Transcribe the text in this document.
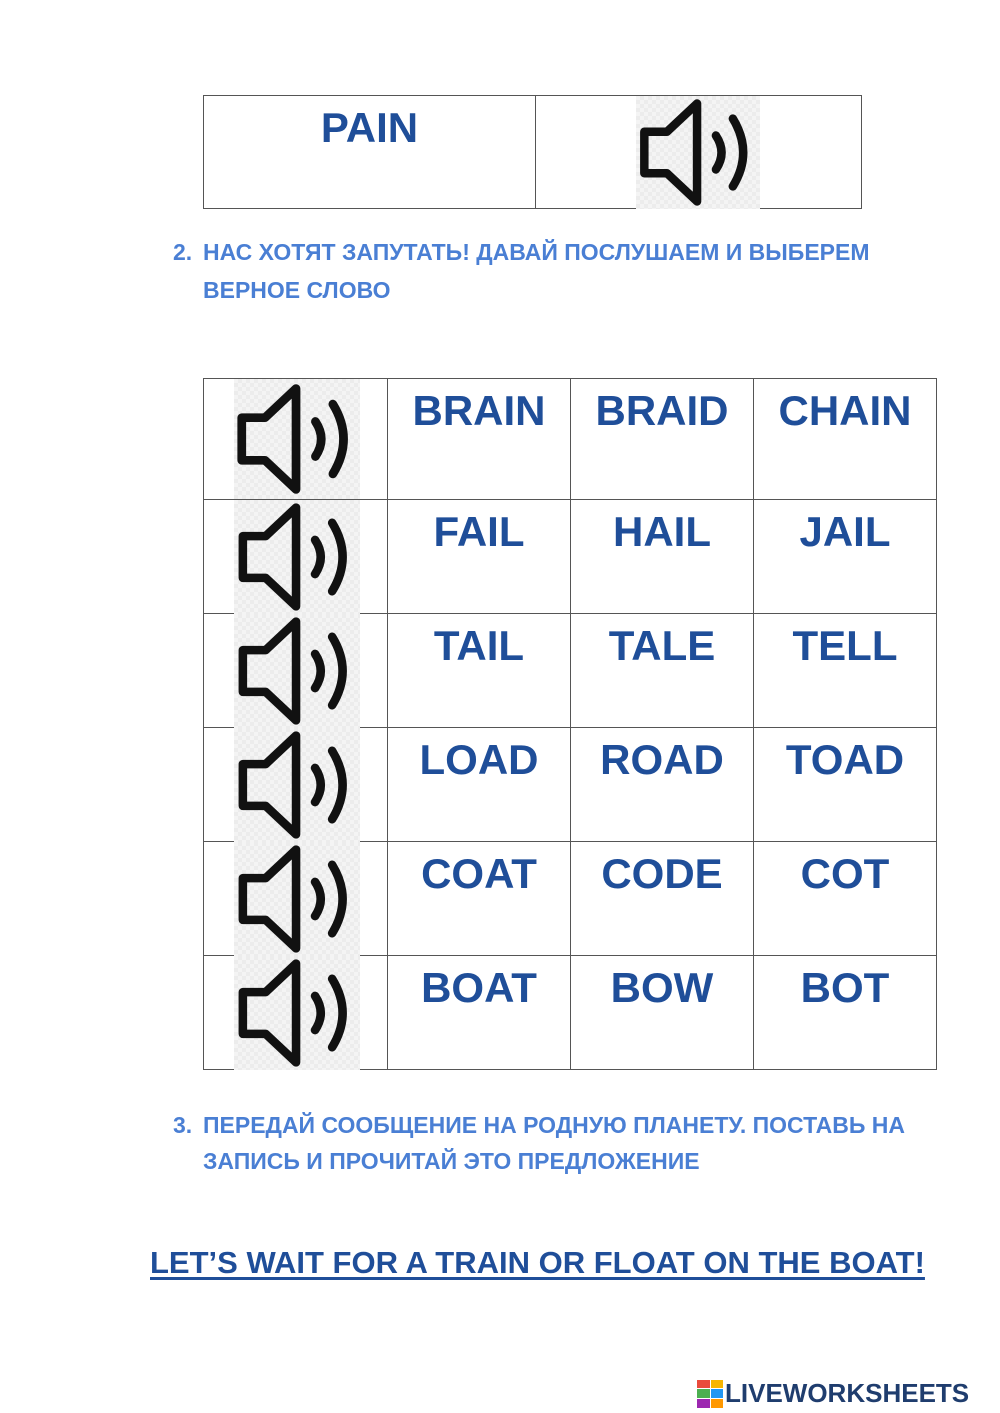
PAIN
2. НАС ХОТЯТ ЗАПУТАТЬ! ДАВАЙ ПОСЛУШАЕМ И ВЫБЕРЕМ ВЕРНОЕ СЛОВО

BRAIN	BRAID	CHAIN

FAIL	HAIL	JAIL

TAIL	TALE	TELL

LOAD	ROAD	TOAD

COAT	CODE	COT

BOAT	BOW	BOT
3. ПЕРЕДАЙ СООБЩЕНИЕ НА РОДНУЮ ПЛАНЕТУ. ПОСТАВЬ НА ЗАПИСЬ И ПРОЧИТАЙ ЭТО ПРЕДЛОЖЕНИЕ
LET’S WAIT FOR A TRAIN OR FLOAT ON THE BOAT!
LIVEWORKSHEETS
